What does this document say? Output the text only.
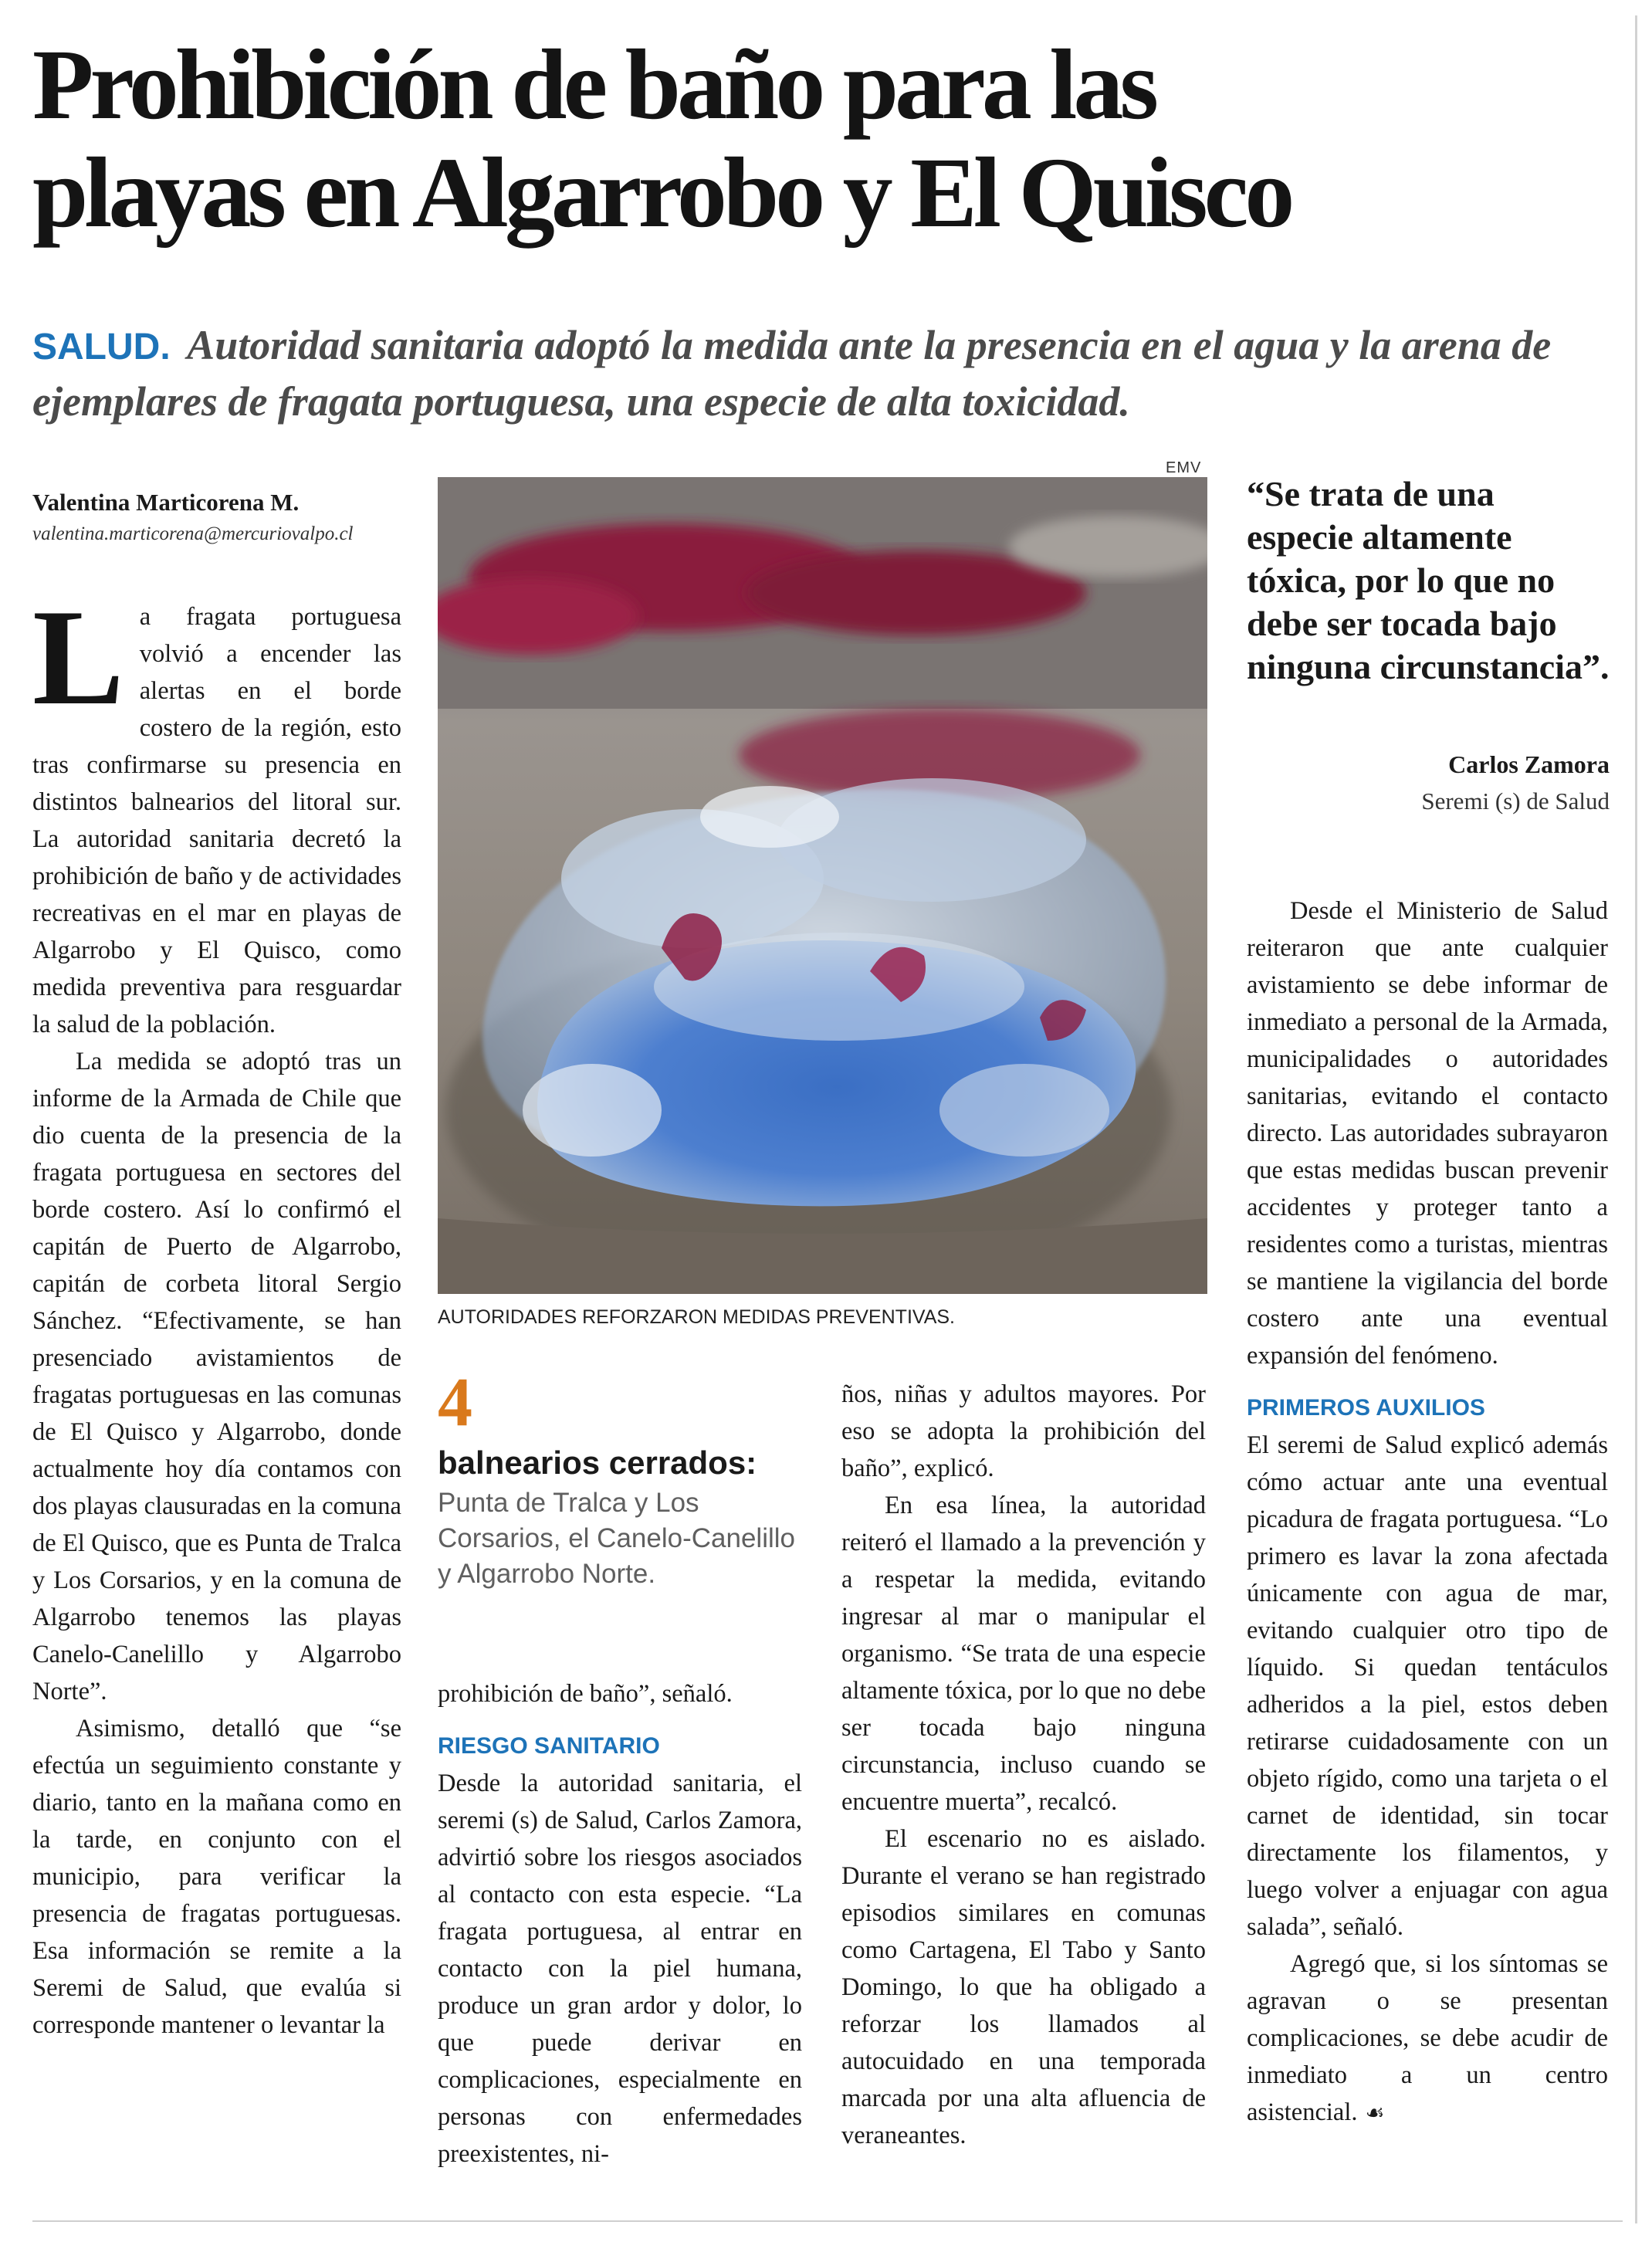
Prohibición de baño para las
playas en Algarrobo y El Quisco
SALUD. Autoridad sanitaria adoptó la medida ante la presencia en el agua y la arena de ejemplares de fragata portuguesa, una especie de alta toxicidad.
Valentina Marticorena M.
valentina.marticorena@mercuriovalpo.cl

La fragata portuguesa volvió a encender las alertas en el borde costero de la región, esto tras confirmarse su presencia en distintos balnearios del litoral sur. La autoridad sanitaria decretó la prohibición de baño y de actividades recreativas en el mar en playas de Algarrobo y El Quisco, como medida preventiva para resguardar la salud de la población.

La medida se adoptó tras un informe de la Armada de Chile que dio cuenta de la presencia de la fragata portuguesa en sectores del borde costero. Así lo confirmó el capitán de Puerto de Algarrobo, capitán de corbeta litoral Sergio Sánchez. “Efectivamente, se han presenciado avistamientos de fragatas portuguesas en las comunas de El Quisco y Algarrobo, donde actualmente hoy día contamos con dos playas clausuradas en la comuna de El Quisco, que es Punta de Tralca y Los Corsarios, y en la comuna de Algarrobo tenemos las playas Canelo-Canelillo y Algarrobo Norte”.

Asimismo, detalló que “se efectúa un seguimiento constante y diario, tanto en la mañana como en la tarde, en conjunto con el municipio, para verificar la presencia de fragatas portuguesas. Esa información se remite a la Seremi de Salud, que evalúa si corresponde mantener o levantar la

EMV
AUTORIDADES REFORZARON MEDIDAS PREVENTIVAS.
4
balnearios cerrados:
Punta de Tralca y Los Corsarios, el Canelo-Canelillo y Algarrobo Norte.

prohibición de baño”, señaló.

RIESGO SANITARIO

Desde la autoridad sanitaria, el seremi (s) de Salud, Carlos Zamora, advirtió sobre los riesgos asociados al contacto con esta especie. “La fragata portuguesa, al entrar en contacto con la piel humana, produce un gran ardor y dolor, lo que puede derivar en complicaciones, especialmente en personas con enfermedades preexistentes, ni-

ños, niñas y adultos mayores. Por eso se adopta la prohibición del baño”, explicó.

En esa línea, la autoridad reiteró el llamado a la prevención y a respetar la medida, evitando ingresar al mar o manipular el organismo. “Se trata de una especie altamente tóxica, por lo que no debe ser tocada bajo ninguna circunstancia, incluso cuando se encuentre muerta”, recalcó.

El escenario no es aislado. Durante el verano se han registrado episodios similares en comunas como Cartagena, El Tabo y Santo Domingo, lo que ha obligado a reforzar los llamados al autocuidado en una temporada marcada por una alta afluencia de veraneantes.

“Se trata de una especie altamente tóxica, por lo que no debe ser tocada bajo ninguna circunstancia”.
Carlos Zamora
Seremi (s) de Salud

Desde el Ministerio de Salud reiteraron que ante cualquier avistamiento se debe informar de inmediato a personal de la Armada, municipalidades o autoridades sanitarias, evitando el contacto directo. Las autoridades subrayaron que estas medidas buscan prevenir accidentes y proteger tanto a residentes como a turistas, mientras se mantiene la vigilancia del borde costero ante una eventual expansión del fenómeno.

PRIMEROS AUXILIOS

El seremi de Salud explicó además cómo actuar ante una eventual picadura de fragata portuguesa. “Lo primero es lavar la zona afectada únicamente con agua de mar, evitando cualquier otro tipo de líquido. Si quedan tentáculos adheridos a la piel, estos deben retirarse cuidadosamente con un objeto rígido, como una tarjeta o el carnet de identidad, sin tocar directamente los filamentos, y luego volver a enjuagar con agua salada”, señaló.

Agregó que, si los síntomas se agravan o se presentan complicaciones, se debe acudir de inmediato a un centro asistencial. ☙
